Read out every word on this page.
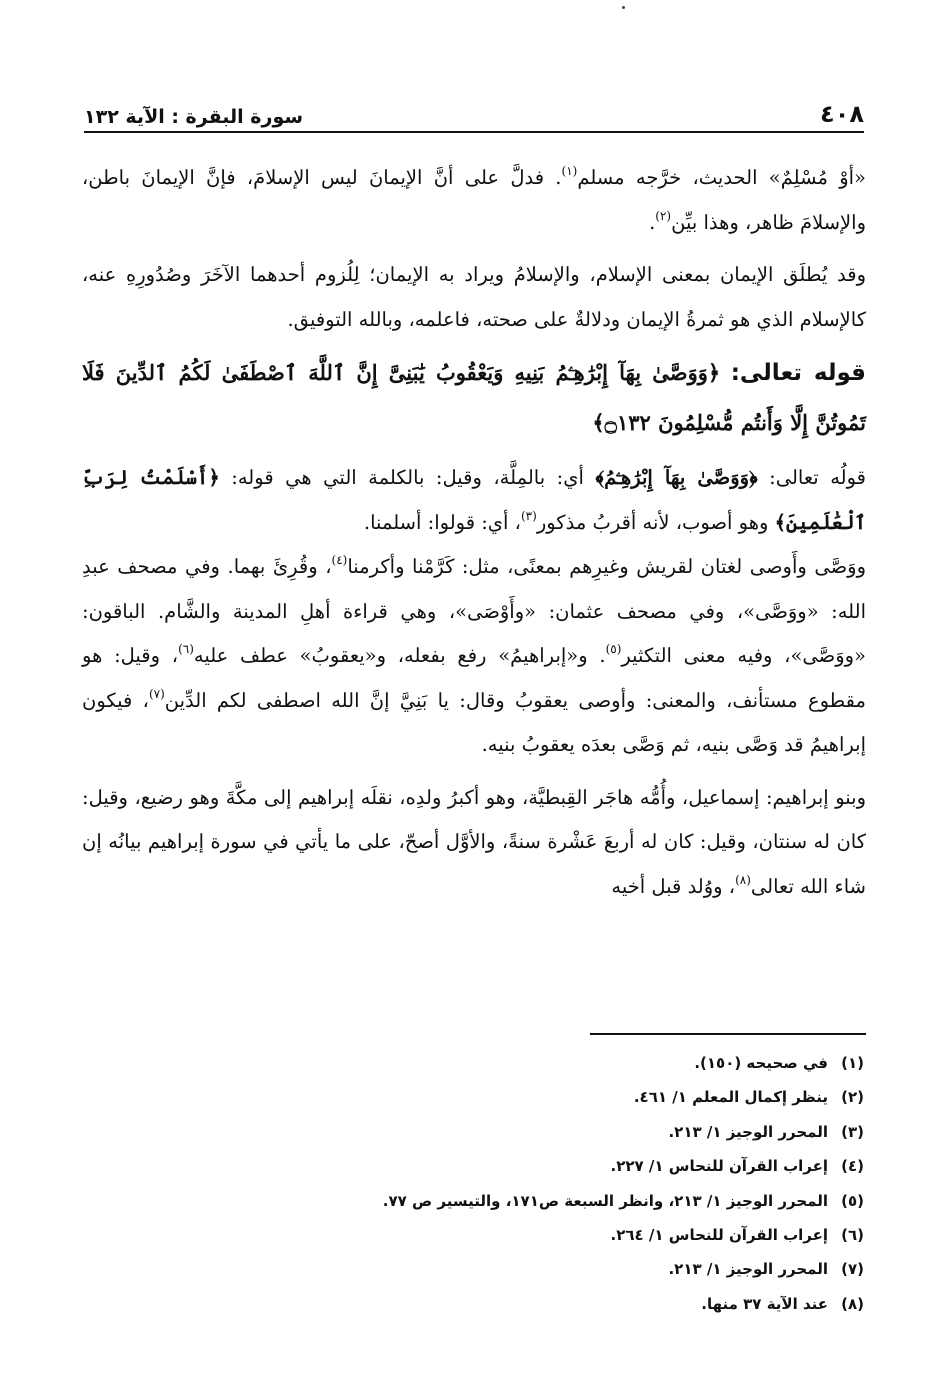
٤٠٨
سورة البقرة : الآية ١٣٢

«أوْ مُسْلِمٌ» الحديث، خرَّجه مسلم$^{(١)}$. فدلَّ على أنَّ الإيمانَ ليس الإسلامَ، فإنَّ الإيمانَ باطن، والإسلامَ ظاهر، وهذا بيِّن$^{(٢)}$.

وقد يُطلَق الإيمان بمعنى الإسلام، والإسلامُ ويراد به الإيمان؛ لِلُزوم أحدهما الآخَرَ وصُدُورِهِ عنه، كالإسلام الذي هو ثمرةُ الإيمان ودلالةٌ على صحته، فاعلمه، وبالله التوفيق.

قوله تعالى: ﴿وَوَصَّىٰ بِهَآ إِبْرَٰهِـۧمُ بَنِيهِ وَيَعْقُوبُ يَٰبَنِىَّ إِنَّ ٱللَّهَ ٱصْطَفَىٰ لَكُمُ ٱلدِّينَ فَلَا تَمُوتُنَّ إِلَّا وَأَنتُم مُّسْلِمُونَ ۝١٣٢﴾

قولُه تعالى: ﴿وَوَصَّىٰ بِهَآ إِبْرَٰهِـۧمُ﴾ أي: بالمِلَّة، وقيل: بالكلمة التي هي قوله: ﴿أَسْلَمْتُ لِرَبِّ ٱلْعَٰلَمِينَ﴾ وهو أصوب، لأنه أقربُ مذكور$^{(٣)}$، أي: قولوا: أسلمنا.

ووَصَّى وأَوصى لغتان لقريش وغيرِهم بمعنًى، مثل: كَرَّمْنا وأكرمنا$^{(٤)}$، وقُرِئَ بهما. وفي مصحف عبدِ الله: «ووَصَّى»، وفي مصحف عثمان: «وأَوْصَى»، وهي قراءة أهلِ المدينة والشَّام. الباقون: «ووَصَّى»، وفيه معنى التكثير$^{(٥)}$. و«إبراهيمُ» رفع بفعله، و«يعقوبُ» عطف عليه$^{(٦)}$، وقيل: هو مقطوع مستأنف، والمعنى: وأوصى يعقوبُ وقال: يا بَنِيَّ إنَّ الله اصطفى لكم الدِّين$^{(٧)}$، فيكون إبراهيمُ قد وَصَّى بنيه، ثم وَصَّى بعدَه يعقوبُ بنيه.

وبنو إبراهيم: إسماعيل، وأُمُّه هاجَر القِبطيَّة، وهو أكبرُ ولدِه، نقلَه إبراهيم إلى مكَّةَ وهو رضيع، وقيل: كان له سنتان، وقيل: كان له أربعَ عَشْرة سنةً، والأوَّل أصحّ، على ما يأتي في سورة إبراهيم بيانُه إن شاء الله تعالى$^{(٨)}$، ووُلد قبل أخيه

(١)
في صحيحه (١٥٠).
(٢)
ينظر إكمال المعلم ١/ ٤٦١.
(٣)
المحرر الوجيز ١/ ٢١٣.
(٤)
إعراب القرآن للنحاس ١/ ٢٢٧.
(٥)
المحرر الوجيز ١/ ٢١٣، وانظر السبعة ص١٧١، والتيسير ص ٧٧.
(٦)
إعراب القرآن للنحاس ١/ ٢٦٤.
(٧)
المحرر الوجيز ١/ ٢١٣.
(٨)
عند الآية ٣٧ منها.
